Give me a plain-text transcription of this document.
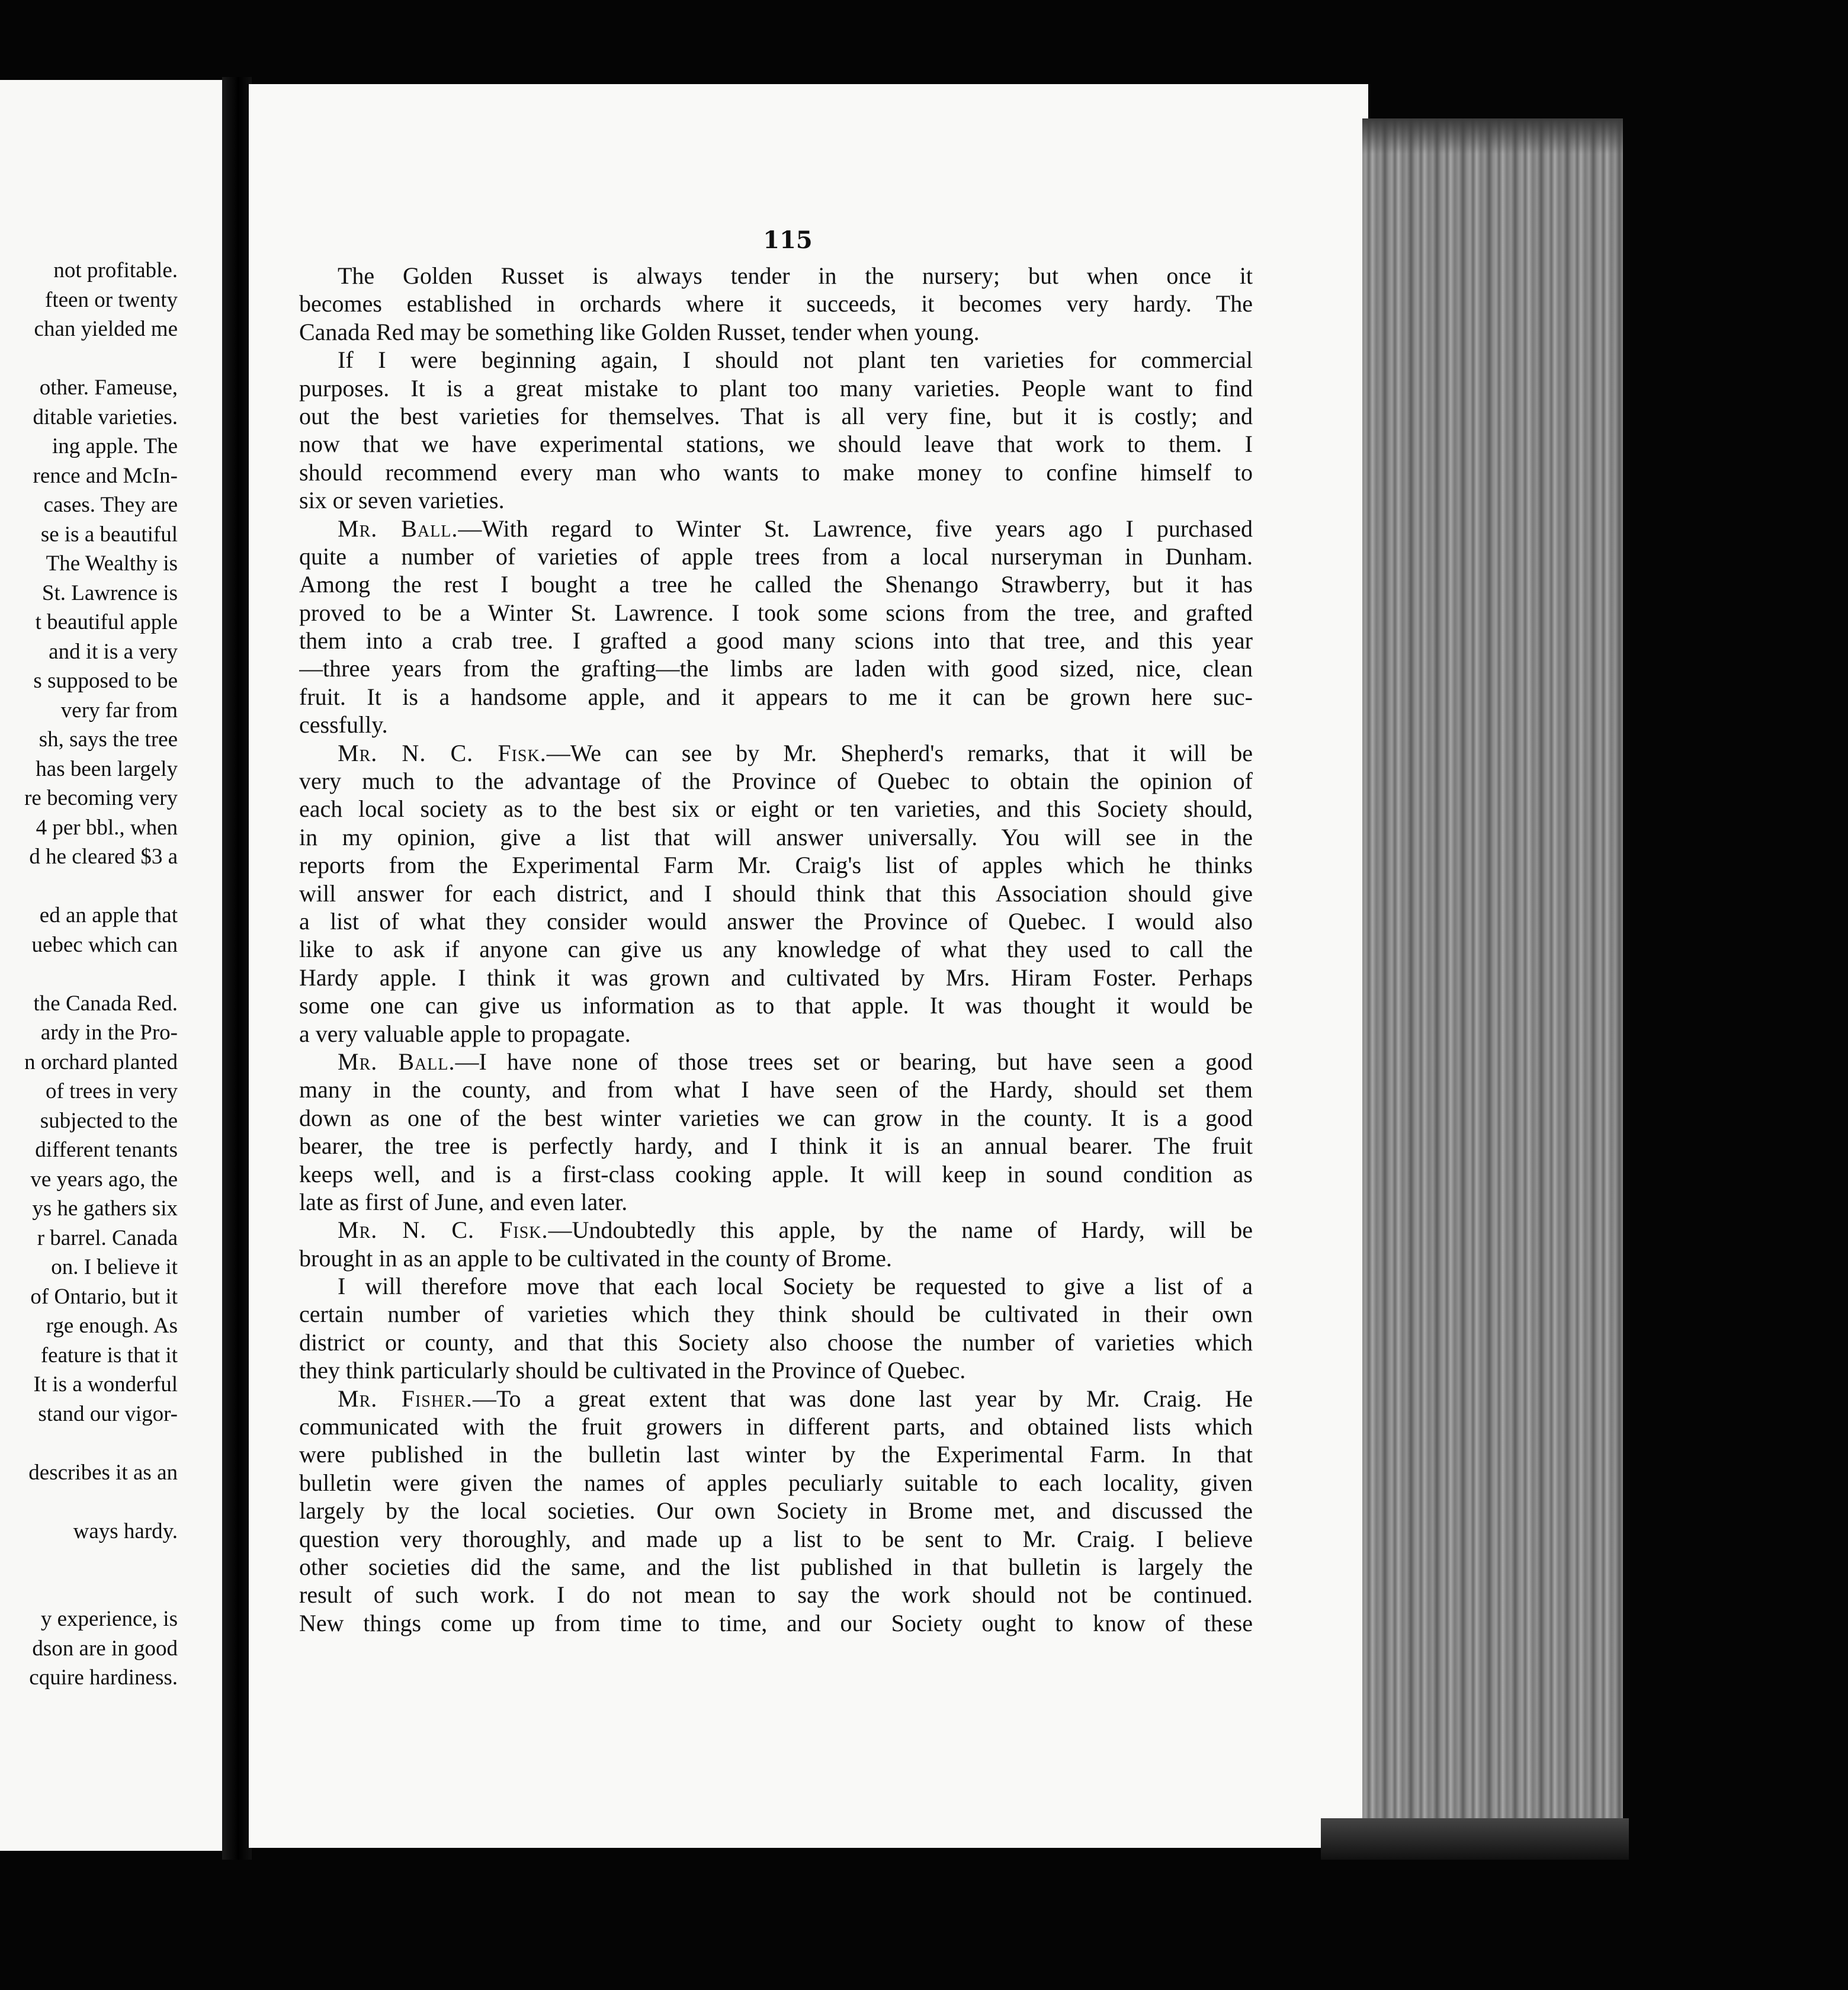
not profitable.
fteen or twenty
chan yielded me
other. Fameuse,
ditable varieties.
ing apple. The
rence and McIn-
cases. They are
se is a beautiful
The Wealthy is
St. Lawrence is
t beautiful apple
and it is a very
s supposed to be
very far from
sh, says the tree
has been largely
re becoming very
4 per bbl., when
d he cleared $3 a
ed an apple that
uebec which can
the Canada Red.
ardy in the Pro-
n orchard planted
of trees in very
subjected to the
different tenants
ve years ago, the
ys he gathers six
r barrel. Canada
on. I believe it
of Ontario, but it
rge enough. As
feature is that it
It is a wonderful
stand our vigor-
describes it as an
ways hardy.
y experience, is
dson are in good
cquire hardiness.
115
The Golden Russet is always tender in the nursery; but when once it
becomes established in orchards where it succeeds, it becomes very hardy. The
Canada Red may be something like Golden Russet, tender when young.
If I were beginning again, I should not plant ten varieties for commercial
purposes. It is a great mistake to plant too many varieties. People want to find
out the best varieties for themselves. That is all very fine, but it is costly; and
now that we have experimental stations, we should leave that work to them. I
should recommend every man who wants to make money to confine himself to
six or seven varieties.
Mr. Ball.—With regard to Winter St. Lawrence, five years ago I purchased
quite a number of varieties of apple trees from a local nurseryman in Dunham.
Among the rest I bought a tree he called the Shenango Strawberry, but it has
proved to be a Winter St. Lawrence. I took some scions from the tree, and grafted
them into a crab tree. I grafted a good many scions into that tree, and this year
—three years from the grafting—the limbs are laden with good sized, nice, clean
fruit. It is a handsome apple, and it appears to me it can be grown here suc-
cessfully.
Mr. N. C. Fisk.—We can see by Mr. Shepherd's remarks, that it will be
very much to the advantage of the Province of Quebec to obtain the opinion of
each local society as to the best six or eight or ten varieties, and this Society should,
in my opinion, give a list that will answer universally. You will see in the
reports from the Experimental Farm Mr. Craig's list of apples which he thinks
will answer for each district, and I should think that this Association should give
a list of what they consider would answer the Province of Quebec. I would also
like to ask if anyone can give us any knowledge of what they used to call the
Hardy apple. I think it was grown and cultivated by Mrs. Hiram Foster. Perhaps
some one can give us information as to that apple. It was thought it would be
a very valuable apple to propagate.
Mr. Ball.—I have none of those trees set or bearing, but have seen a good
many in the county, and from what I have seen of the Hardy, should set them
down as one of the best winter varieties we can grow in the county. It is a good
bearer, the tree is perfectly hardy, and I think it is an annual bearer. The fruit
keeps well, and is a first-class cooking apple. It will keep in sound condition as
late as first of June, and even later.
Mr. N. C. Fisk.—Undoubtedly this apple, by the name of Hardy, will be
brought in as an apple to be cultivated in the county of Brome.
I will therefore move that each local Society be requested to give a list of a
certain number of varieties which they think should be cultivated in their own
district or county, and that this Society also choose the number of varieties which
they think particularly should be cultivated in the Province of Quebec.
Mr. Fisher.—To a great extent that was done last year by Mr. Craig. He
communicated with the fruit growers in different parts, and obtained lists which
were published in the bulletin last winter by the Experimental Farm. In that
bulletin were given the names of apples peculiarly suitable to each locality, given
largely by the local societies. Our own Society in Brome met, and discussed the
question very thoroughly, and made up a list to be sent to Mr. Craig. I believe
other societies did the same, and the list published in that bulletin is largely the
result of such work. I do not mean to say the work should not be continued.
New things come up from time to time, and our Society ought to know of these
